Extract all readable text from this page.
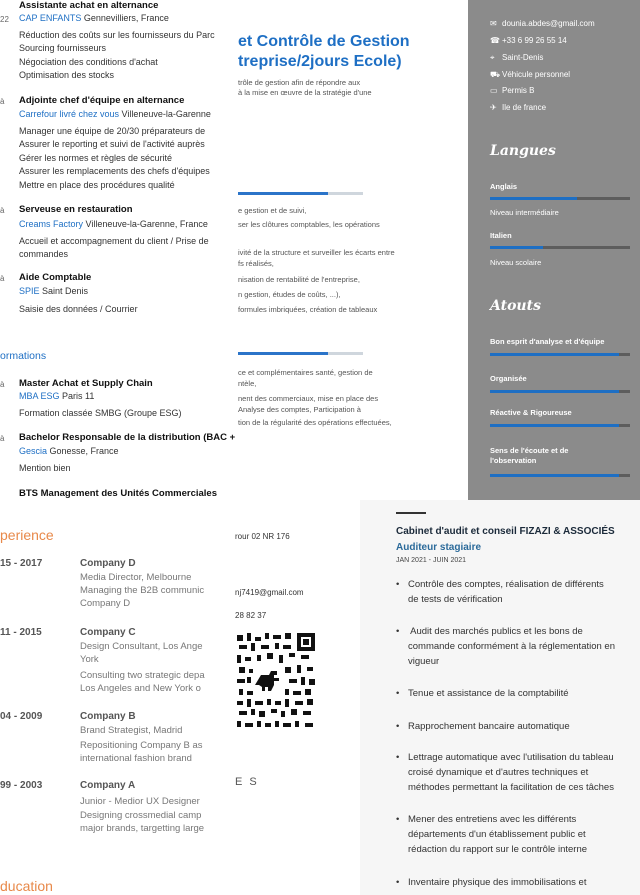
et Contrôle de Gestion
treprise/2jours Ecole)
trôle de gestion afin de répondre aux
à la mise en œuvre de la stratégie d'une
e gestion et de suivi,
ser les clôtures comptables, les opérations
ivité de la structure et surveiller les écarts entre
fs réalisés,
nisation de rentabilité de l'entreprise,
n gestion, études de coûts, ...),
formules imbriquées, création de tableaux
ce et complémentaires santé, gestion de
ntèle,
nent des commerciaux, mise en place des
Analyse des comptes, Participation à
tion de la régularité des opérations effectuées,
Assistante achat en alternance
22 CAP ENFANTS Gennevilliers, France
Réduction des coûts sur les fournisseurs du Parc
Sourcing fournisseurs
Négociation des conditions d'achat
Optimisation des stocks
à Adjointe chef d'équipe en alternance
Carrefour livré chez vous Villeneuve-la-Garenne
Manager une équipe de 20/30 préparateurs de
Assurer le reporting et suivi de l'activité auprès
Gérer les normes et règles de sécurité
Assurer les remplacements des chefs d'équipes
Mettre en place des procédures qualité
à Serveuse en restauration
Creams Factory Villeneuve-la-Garenne, France
Accueil et accompagnement du client / Prise de
commandes
à Aide Comptable
SPIE Saint Denis
Saisie des données / Courrier
ormations
à Master Achat et Supply Chain
MBA ESG Paris 11
Formation classée SMBG (Groupe ESG)
à Bachelor Responsable de la distribution (BAC +
Gescia Gonesse, France
Mention bien
BTS Management des Unités Commerciales
✉ dounia.abdes@gmail.com
☎ +33 6 99 26 55 14
⌖ Saint-Denis
⛟ Véhicule personnel
▭ Permis B
✈ Ile de france
Langues
Anglais
Niveau intermédiaire
Italien
Niveau scolaire
Atouts
Bon esprit d'analyse et d'équipe
Organisée
Réactive & Rigoureuse
Sens de l'écoute et de
l'observation
perience
15 - 2017	Company D
Media Director, Melbourne
Managing the B2B communic
Company D
11 - 2015	Company C
Design Consultant, Los Ange
York
Consulting two strategic depa
Los Angeles and New York o
04 - 2009	Company B
Brand Strategist, Madrid
Repositioning Company B as
international fashion brand
99 - 2003	Company A
Junior - Medior UX Designer
Designing crossmedial camp
major brands, targetting large
ducation
rour 02 NR 176
nj7419@gmail.com
28 82 37
E S
Cabinet d'audit et conseil FIZAZI & ASSOCIÉS
Auditeur stagiaire
JAN 2021 - JUIN 2021
• Contrôle des comptes, réalisation de différents
de tests de vérification
• Audit des marchés publics et les bons de
commande conformément à la réglementation en
vigueur
• Tenue et assistance de la comptabilité
• Rapprochement bancaire automatique
• Lettrage automatique avec l'utilisation du tableau
croisé dynamique et d'autres techniques et
méthodes permettant la facilitation de ces tâches
• Mener des entretiens avec les différents
départements d'un établissement public et
rédaction du rapport sur le contrôle interne
• Inventaire physique des immobilisations et
